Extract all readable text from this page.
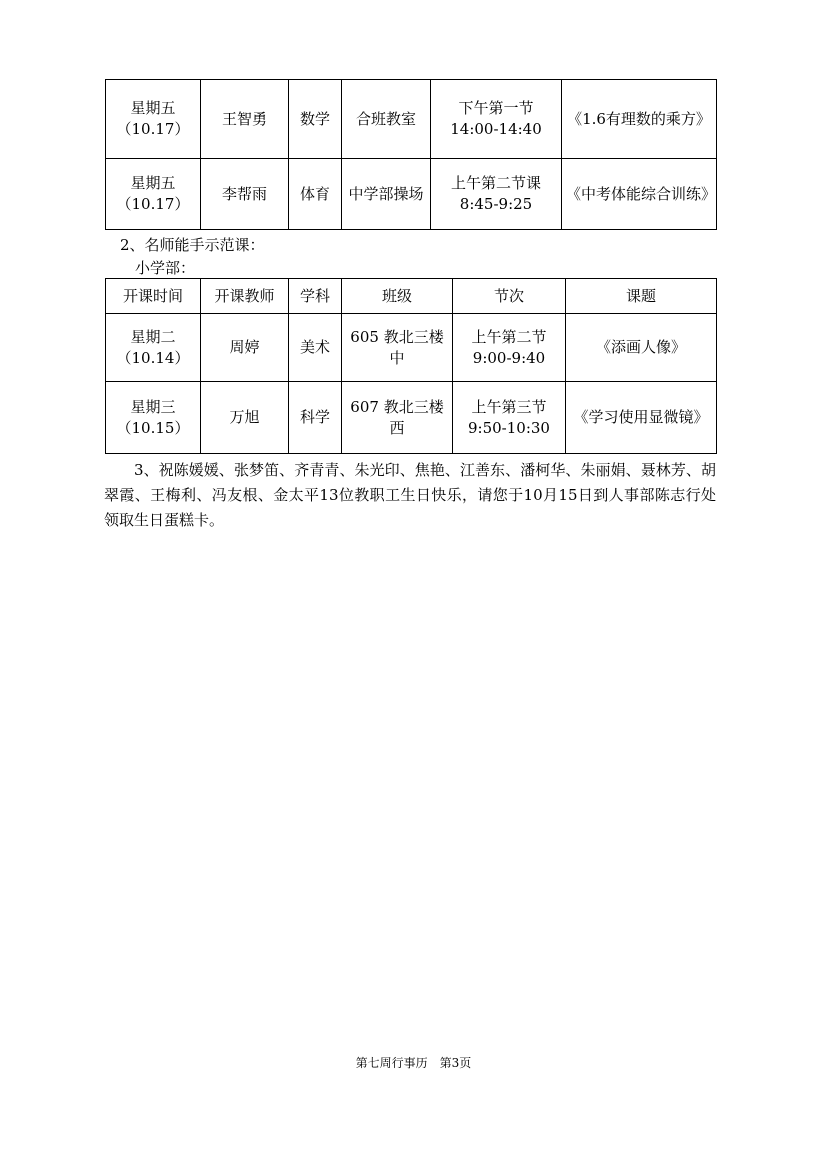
星期五（10.17）	王智勇	数学	合班教室	下午第一节 14:00-14:40	《1.6有理数的乘方》
星期五（10.17）	李帮雨	体育	中学部操场	上午第二节课 8:45-9:25	《中考体能综合训练》

2、名师能手示范课：

小学部：

开课时间	开课教师	学科	班级	节次	课题
星期二（10.14）	周婷	美术	605 教北三楼中	上午第二节 9:00-9:40	《添画人像》
星期三（10.15）	万旭	科学	607 教北三楼西	上午第三节 9:50-10:30	《学习使用显微镜》

3、祝陈媛媛、张梦笛、齐青青、朱光印、焦艳、江善东、潘柯华、朱丽娟、聂林芳、胡翠霞、王梅利、冯友根、金太平13位教职工生日快乐，请您于10月15日到人事部陈志行处领取生日蛋糕卡。

第七周行事历　第3页
